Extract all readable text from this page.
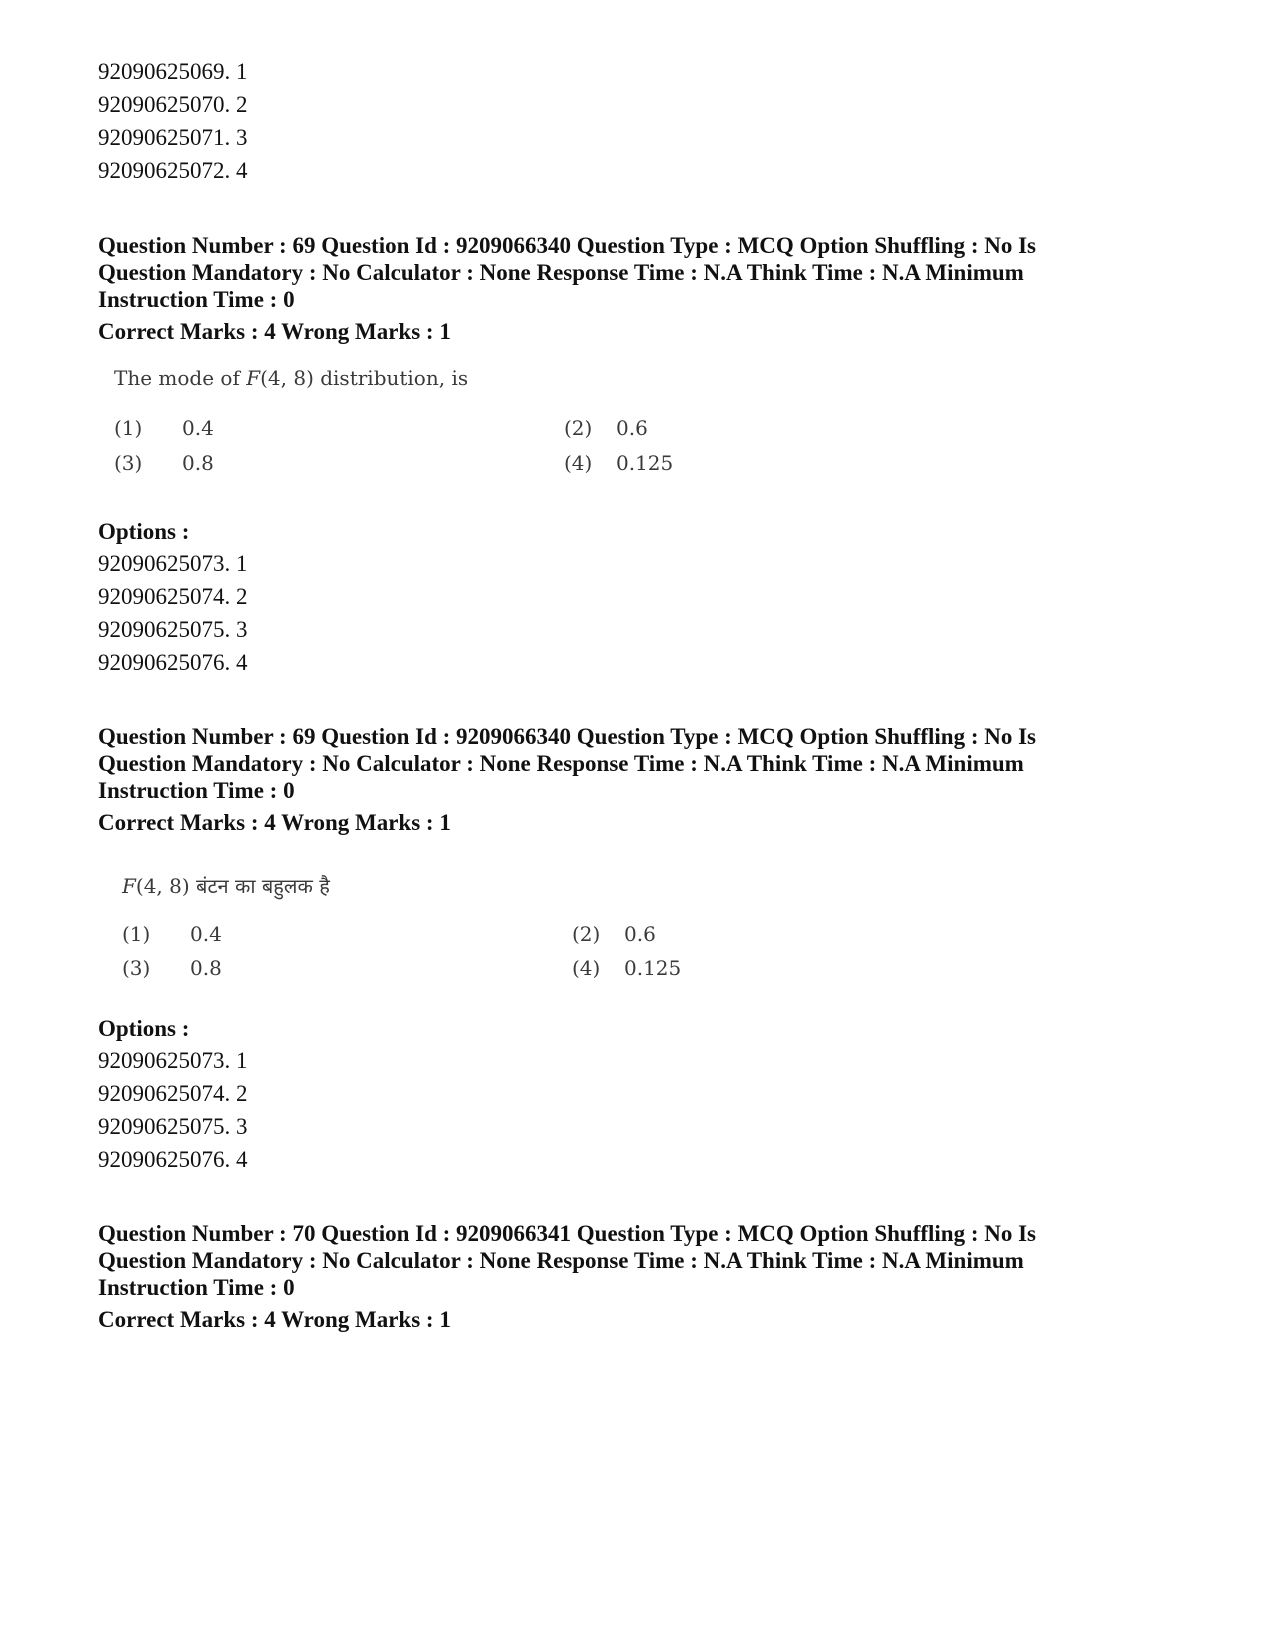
92090625069. 1
92090625070. 2
92090625071. 3
92090625072. 4
Question Number : 69 Question Id : 9209066340 Question Type : MCQ Option Shuffling : No Is
Question Mandatory : No Calculator : None Response Time : N.A Think Time : N.A Minimum
Instruction Time : 0
Correct Marks : 4 Wrong Marks : 1
The mode of F(4, 8) distribution, is
(1) 0.4	(2) 0.6
(3) 0.8	(4) 0.125
Options :
92090625073. 1
92090625074. 2
92090625075. 3
92090625076. 4
Question Number : 69 Question Id : 9209066340 Question Type : MCQ Option Shuffling : No Is
Question Mandatory : No Calculator : None Response Time : N.A Think Time : N.A Minimum
Instruction Time : 0
Correct Marks : 4 Wrong Marks : 1
F(4, 8) बंटन का बहुलक है
(1) 0.4	(2) 0.6
(3) 0.8	(4) 0.125
Options :
92090625073. 1
92090625074. 2
92090625075. 3
92090625076. 4
Question Number : 70 Question Id : 9209066341 Question Type : MCQ Option Shuffling : No Is
Question Mandatory : No Calculator : None Response Time : N.A Think Time : N.A Minimum
Instruction Time : 0
Correct Marks : 4 Wrong Marks : 1
